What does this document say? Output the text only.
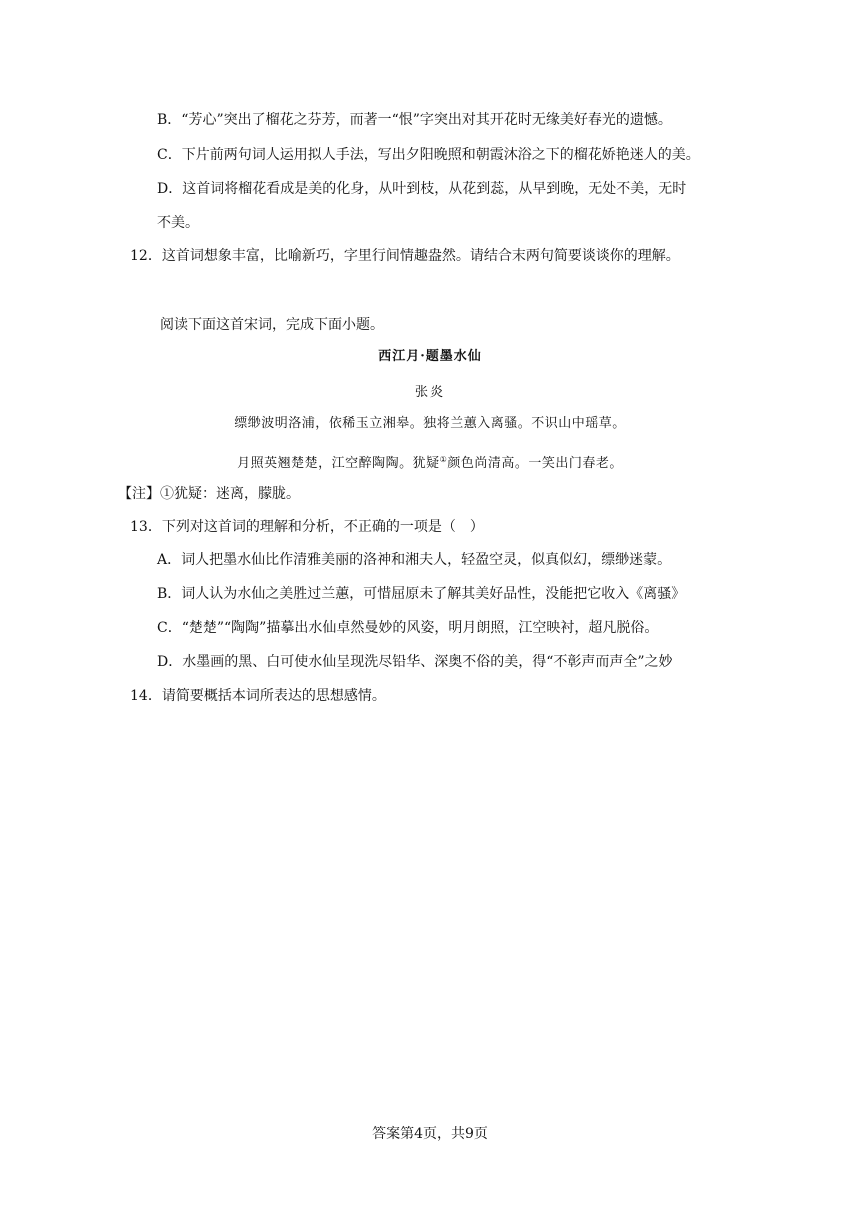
B．“芳心”突出了榴花之芬芳，而著一“恨”字突出对其开花时无缘美好春光的遗憾。
C．下片前两句词人运用拟人手法，写出夕阳晚照和朝霞沐浴之下的榴花娇艳迷人的美。
D．这首词将榴花看成是美的化身，从叶到枝，从花到蕊，从早到晚，无处不美，无时
不美。
12．这首词想象丰富，比喻新巧，字里行间情趣盎然。请结合末两句简要谈谈你的理解。
阅读下面这首宋词，完成下面小题。
西江月·题墨水仙
张炎
缥缈波明洛浦，依稀玉立湘皋。独将兰蕙入离骚。不识山中瑶草。
月照英翘楚楚，江空醉陶陶。犹疑①颜色尚清高。一笑出门春老。
【注】①犹疑：迷离，朦胧。
13．下列对这首词的理解和分析，不正确的一项是（　）
A．词人把墨水仙比作清雅美丽的洛神和湘夫人，轻盈空灵，似真似幻，缥缈迷蒙。
B．词人认为水仙之美胜过兰蕙，可惜屈原未了解其美好品性，没能把它收入《离骚》
C．“楚楚”“陶陶”描摹出水仙卓然曼妙的风姿，明月朗照，江空映衬，超凡脱俗。
D．水墨画的黑、白可使水仙呈现洗尽铅华、深奥不俗的美，得“不彰声而声全”之妙
14．请简要概括本词所表达的思想感情。
答案第4页，共9页
